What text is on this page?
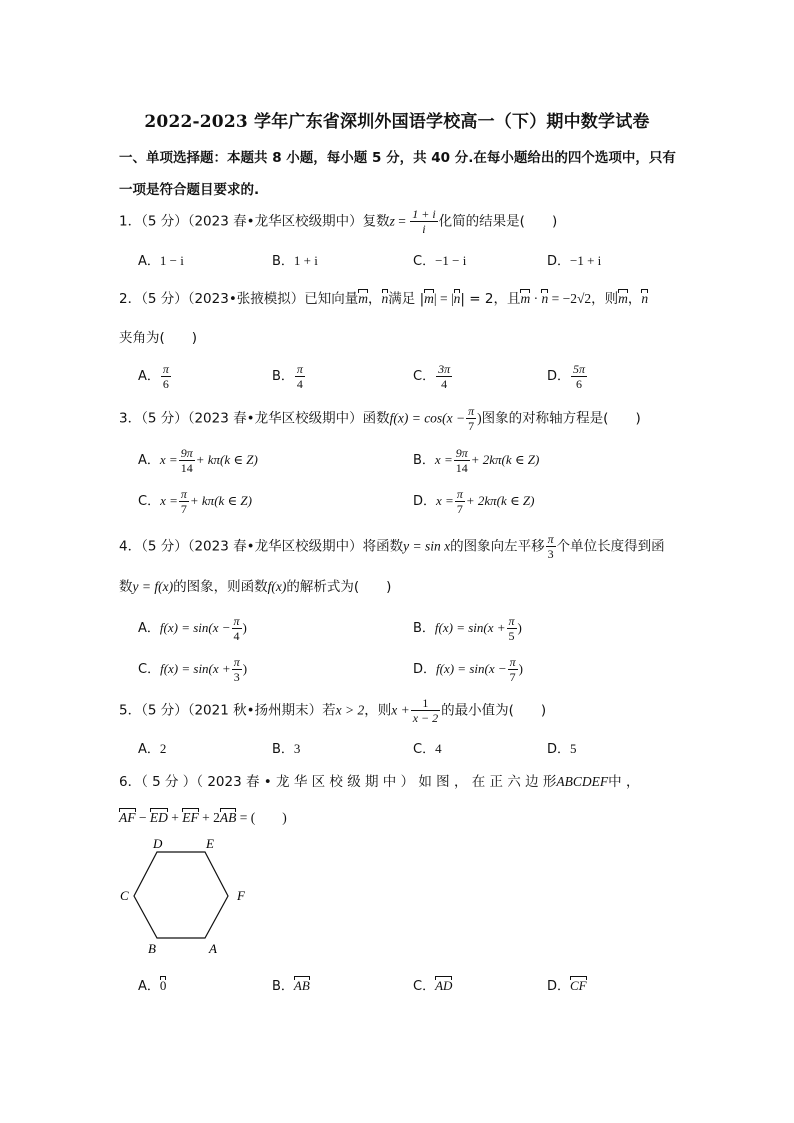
2022-2023 学年广东省深圳外国语学校高一（下）期中数学试卷
一、单项选择题：本题共 8 小题，每小题 5 分，共 40 分.在每小题给出的四个选项中，只有
一项是符合题目要求的.
1．（5 分）（2023 春•龙华区校级期中）复数$z = \frac{1 + i}{i}$ 化简的结果是(　　)
A．1 − i	B．1 + i	C．−1 − i	D．−1 + i
2．（5 分）（2023•张掖模拟）已知向量m，n满足 |m| = |n| = 2，且m · n = −2√2，则m，n
夹角为(　　)
A． $\frac{\pi}{6}$	B． $\frac{\pi}{4}$	C． $\frac{3\pi}{4}$	D． $\frac{5\pi}{6}$
3．（5 分）（2023 春•龙华区校级期中）函数$f(x) = \cos(x - \frac{\pi}{7}$ )图象的对称轴方程是(　　)
A．$x = \frac{9\pi}{14} + k\pi(k$ ∈ Z)	B．$x = \frac{9\pi}{14} + 2k\pi(k$ ∈ Z)
C．$x = \frac{\pi}{7} + k\pi(k$ ∈ Z)	D．$x = \frac{\pi}{7} + 2k\pi(k$ ∈ Z)
4．（5 分）（2023 春•龙华区校级期中）将函数y = sin x的图象向左平移 $\frac{\pi}{3}$ 个单位长度得到函
数y = f(x)的图象，则函数f(x)的解析式为(　　)
A．$f(x) = \sin(x - \frac{\pi}{4}$ )	B．$f(x) = \sin(x + \frac{\pi}{5}$ )
C．$f(x) = \sin(x + \frac{\pi}{3}$ )	D．$f(x) = \sin(x - \frac{\pi}{7}$ )
5．（5 分）（2021 秋•扬州期末）若x > 2，则$x + \frac{1}{x - 2}$ 的最小值为(　　)
A．2	B．3	C．4	D．5
6．（ 5 分 ）（ 2023 春 • 龙 华 区 校 级 期 中 ） 如 图 ， 在 正 六 边 形ABCDEF中 ，
AF − ED + EF + 2AB = (　　)
D	E
C	F
B	A
A．0	B．AB	C．AD	D．CF
